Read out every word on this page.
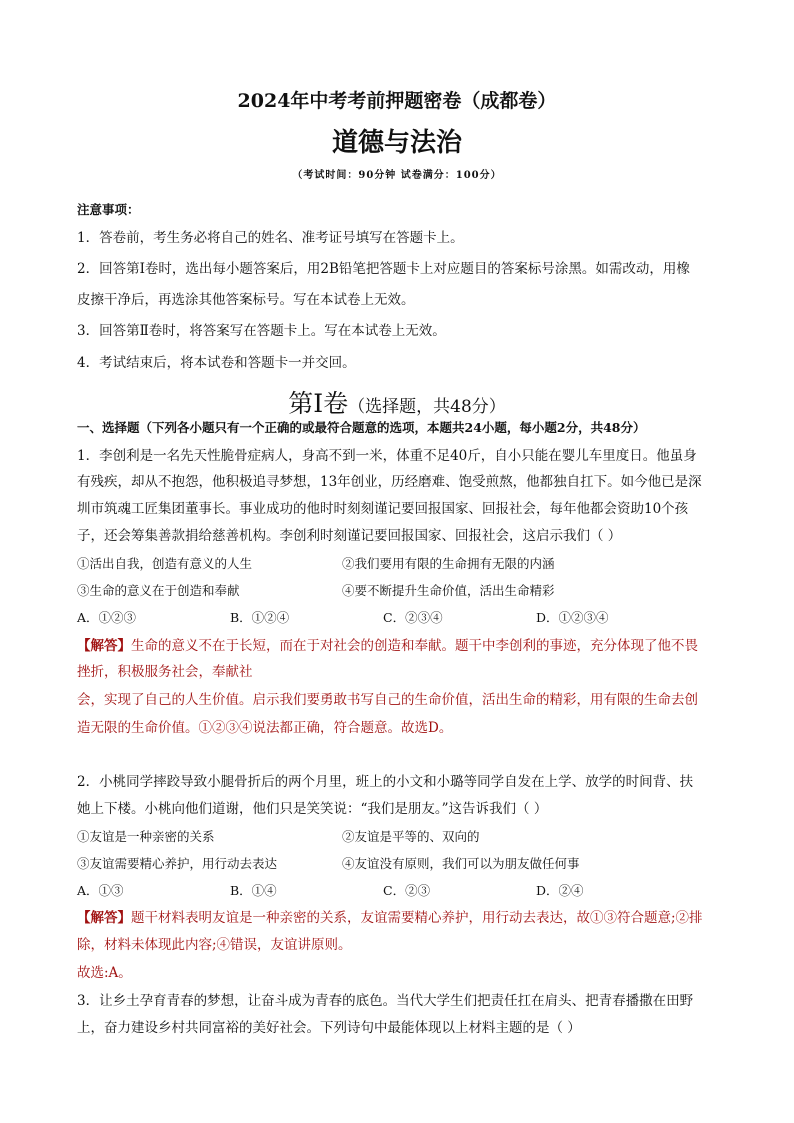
2024年中考考前押题密卷（成都卷）
道德与法治
（考试时间：90分钟 试卷满分：100分）
注意事项：
1．答卷前，考生务必将自己的姓名、准考证号填写在答题卡上。
2．回答第Ⅰ卷时，选出每小题答案后，用2B铅笔把答题卡上对应题目的答案标号涂黑。如需改动，用橡
皮擦干净后，再选涂其他答案标号。写在本试卷上无效。
3．回答第Ⅱ卷时，将答案写在答题卡上。写在本试卷上无效。
4．考试结束后，将本试卷和答题卡一并交回。
第Ⅰ卷（选择题，共48分）
一、选择题（下列各小题只有一个正确的或最符合题意的选项，本题共24小题，每小题2分，共48分）
1．李创利是一名先天性脆骨症病人，身高不到一米，体重不足40斤，自小只能在婴儿车里度日。他虽身
有残疾，却从不抱怨，他积极追寻梦想，13年创业，历经磨难、饱受煎熬，他都独自扛下。如今他已是深
圳市筑魂工匠集团董事长。事业成功的他时时刻刻谨记要回报国家、回报社会，每年他都会资助10个孩
子，还会筹集善款捐给慈善机构。李创利时刻谨记要回报国家、回报社会，这启示我们（ ）
①活出自我，创造有意义的人生	②我们要用有限的生命拥有无限的内涵
③生命的意义在于创造和奉献	④要不断提升生命价值，活出生命精彩
A．①②③	B．①②④	C．②③④	D．①②③④
【解答】生命的意义不在于长短，而在于对社会的创造和奉献。题干中李创利的事迹，充分体现了他不畏
挫折，积极服务社会，奉献社
会，实现了自己的人生价值。启示我们要勇敢书写自己的生命价值，活出生命的精彩，用有限的生命去创
造无限的生命价值。①②③④说法都正确，符合题意。故选D。
2．小桃同学摔跤导致小腿骨折后的两个月里，班上的小文和小璐等同学自发在上学、放学的时间背、扶
她上下楼。小桃向他们道谢，他们只是笑笑说：“我们是朋友。”这告诉我们（ ）
①友谊是一种亲密的关系	②友谊是平等的、双向的
③友谊需要精心养护，用行动去表达	④友谊没有原则，我们可以为朋友做任何事
A．①③	B．①④	C．②③	D．②④
【解答】题干材料表明友谊是一种亲密的关系，友谊需要精心养护，用行动去表达，故①③符合题意;②排
除，材料未体现此内容;④错误，友谊讲原则。
故选:A。
3．让乡土孕育青春的梦想，让奋斗成为青春的底色。当代大学生们把责任扛在肩头、把青春播撒在田野
上，奋力建设乡村共同富裕的美好社会。下列诗句中最能体现以上材料主题的是（ ）
